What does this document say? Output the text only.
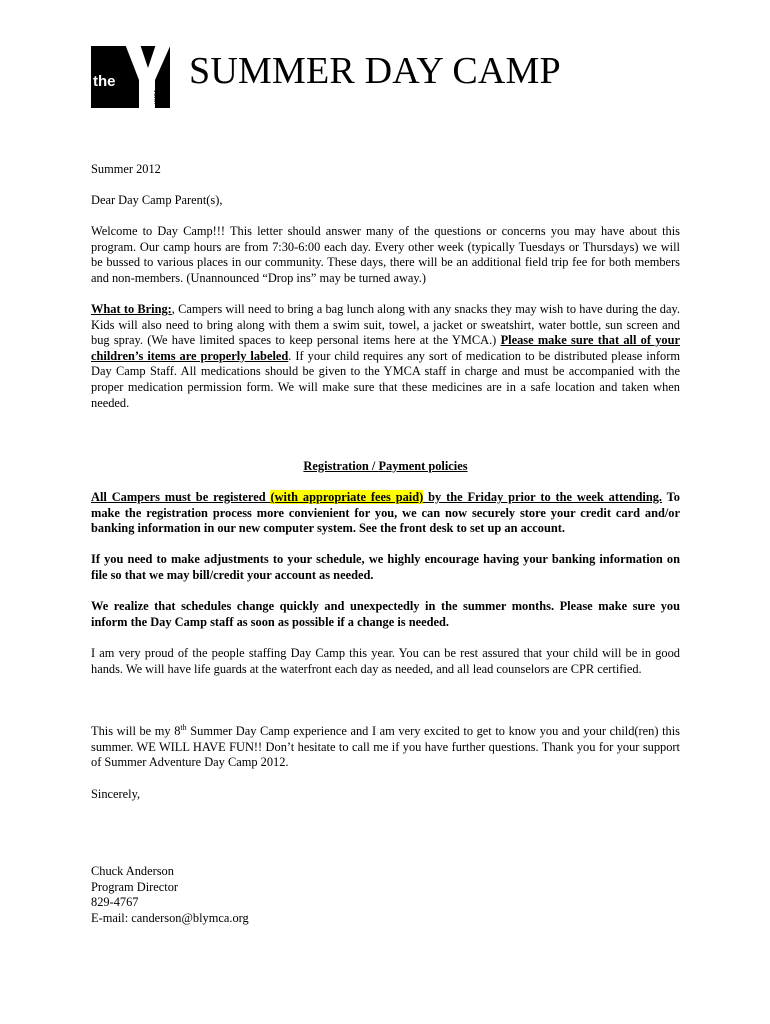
the
YMCA
SUMMER DAY CAMP
Summer 2012
Dear Day Camp Parent(s),

Welcome to Day Camp!!! This letter should answer many of the questions or concerns you may have about this program. Our camp hours are from 7:30-6:00 each day. Every other week (typically Tuesdays or Thursdays) we will be bussed to various places in our community. These days, there will be an additional field trip fee for both members and non-members. (Unannounced “Drop ins” may be turned away.)

What to Bring:, Campers will need to bring a bag lunch along with any snacks they may wish to have during the day. Kids will also need to bring along with them a swim suit, towel, a jacket or sweatshirt, water bottle, sun screen and bug spray. (We have limited spaces to keep personal items here at the YMCA.) Please make sure that all of your children’s items are properly labeled. If your child requires any sort of medication to be distributed please inform Day Camp Staff. All medications should be given to the YMCA staff in charge and must be accompanied with the proper medication permission form. We will make sure that these medicines are in a safe location and taken when needed.

Registration / Payment policies

All Campers must be registered (with appropriate fees paid) by the Friday prior to the week attending. To make the registration process more convienient for you, we can now securely store your credit card and/or banking information in our new computer system. See the front desk to set up an account.

If you need to make adjustments to your schedule, we highly encourage having your banking information on file so that we may bill/credit your account as needed.

We realize that schedules change quickly and unexpectedly in the summer months. Please make sure you inform the Day Camp staff as soon as possible if a change is needed.

I am very proud of the people staffing Day Camp this year. You can be rest assured that your child will be in good hands. We will have life guards at the waterfront each day as needed, and all lead counselors are CPR certified.

This will be my 8th Summer Day Camp experience and I am very excited to get to know you and your child(ren) this summer. WE WILL HAVE FUN!! Don’t hesitate to call me if you have further questions. Thank you for your support of Summer Adventure Day Camp 2012.

Sincerely,
Chuck Anderson
Program Director
829-4767
E-mail: canderson@blymca.org
